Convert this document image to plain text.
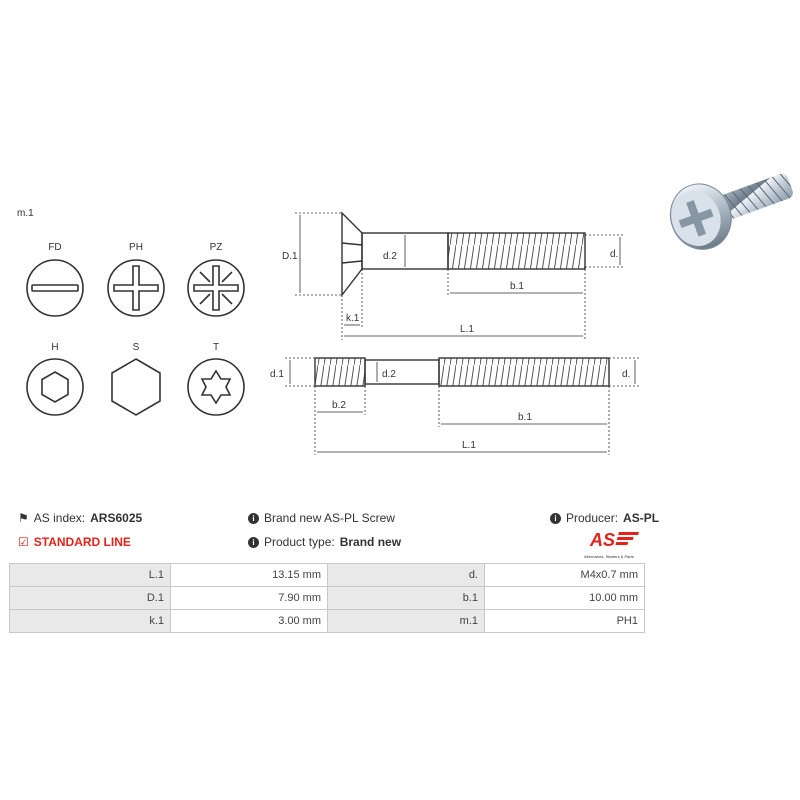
m.1
FD	PH	PZ
H	S	T
D.1	d.2	d.
b.1
k.1
L.1
d.1	d.2	d.
b.2
b.1
L.1
⚑ AS index: ARS6025
☑ STANDARD LINE
i Brand new AS-PL Screw
i Product type: Brand new
i Producer: AS-PL
AS
Alternators, Starters & Parts
L.1	13.15 mm	d.	M4x0.7 mm
D.1	7.90 mm	b.1	10.00 mm
k.1	3.00 mm	m.1	PH1
